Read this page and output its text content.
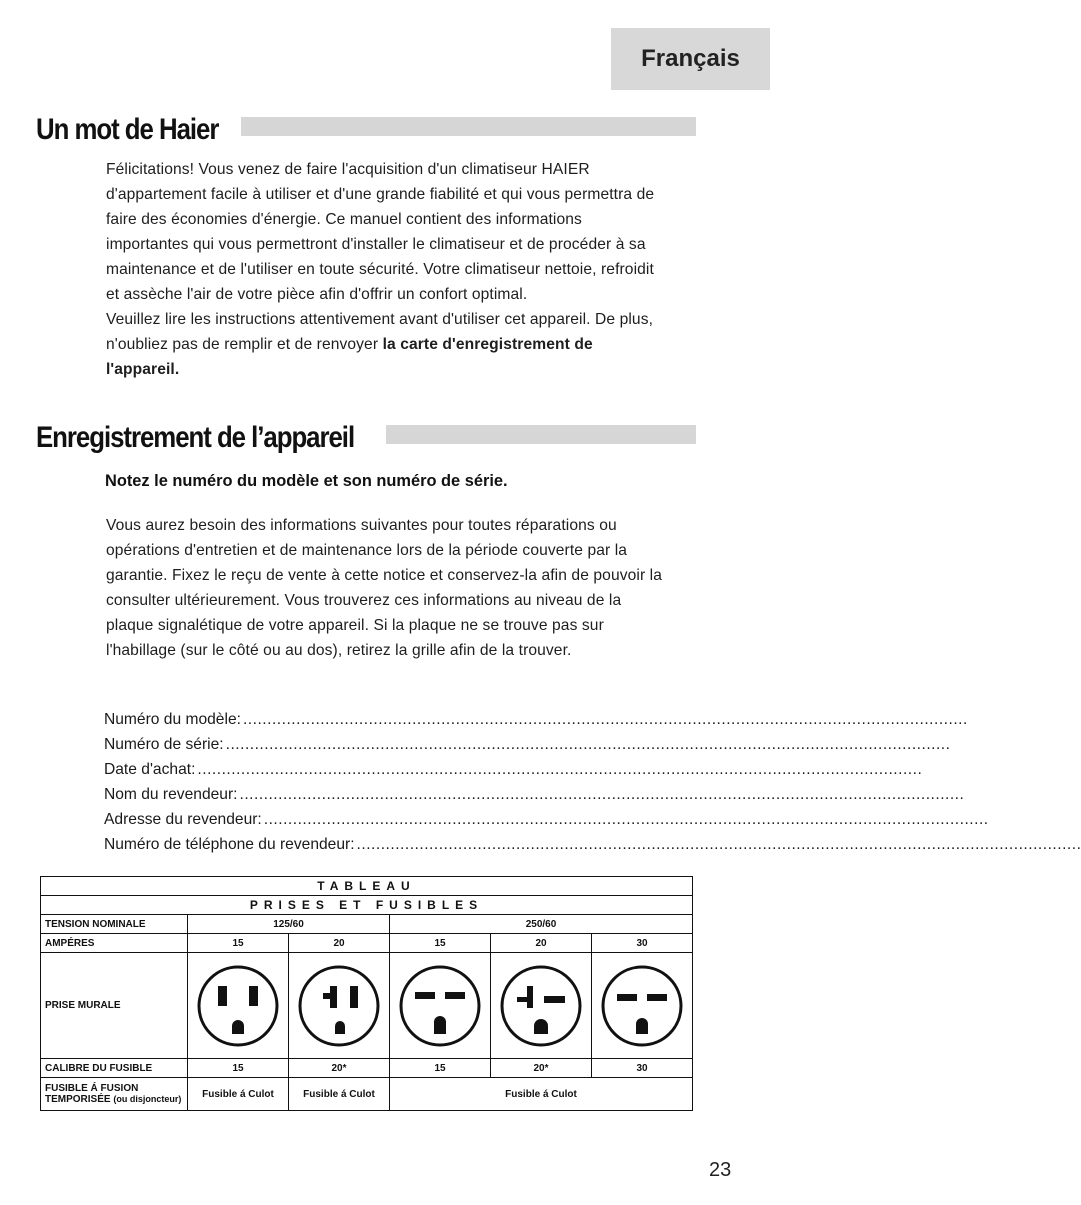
Français
Un mot de Haier

Félicitations! Vous venez de faire l'acquisition d'un climatiseur HAIER d'appartement facile à utiliser et d'une grande fiabilité et qui vous permettra de faire des économies d'énergie. Ce manuel contient des informations importantes qui vous permettront d'installer le climatiseur et de procéder à sa maintenance et de l'utiliser en toute sécurité. Votre climatiseur nettoie, refroidit et assèche l'air de votre pièce afin d'offrir un confort optimal.

Veuillez lire les instructions attentivement avant d'utiliser cet appareil. De plus, n'oubliez pas de remplir et de renvoyer la carte d'enregistrement de l'appareil.

Enregistrement de l’appareil
Notez le numéro du modèle et son numéro de série.

Vous aurez besoin des informations suivantes pour toutes réparations ou opérations d'entretien et de maintenance lors de la période couverte par la garantie. Fixez le reçu de vente à cette notice et conservez-la afin de pouvoir la consulter ultérieurement. Vous trouverez ces informations au niveau de la plaque signalétique de votre appareil. Si la plaque ne se trouve pas sur l'habillage (sur le côté ou au dos), retirez la grille afin de la trouver.

Numéro du modèle: ......................................................................................................................................................
Numéro de série: ......................................................................................................................................................
Date d'achat: ......................................................................................................................................................
Nom du revendeur: ......................................................................................................................................................
Adresse du revendeur: ......................................................................................................................................................
Numéro de téléphone du revendeur: ......................................................................................................................................................
TABLEAU					
PRISES ET FUSIBLES					
TENSION NOMINALE	125/60		250/60		
AMPÉRES	15	20	15	20	30
PRISE MURALE	

CALIBRE DU FUSIBLE	15	20*	15	20*	30
FUSIBLE Á FUSION TEMPORISÉE (ou disjoncteur)	Fusible á Culot	Fusible á Culot	Fusible á Culot		
23
